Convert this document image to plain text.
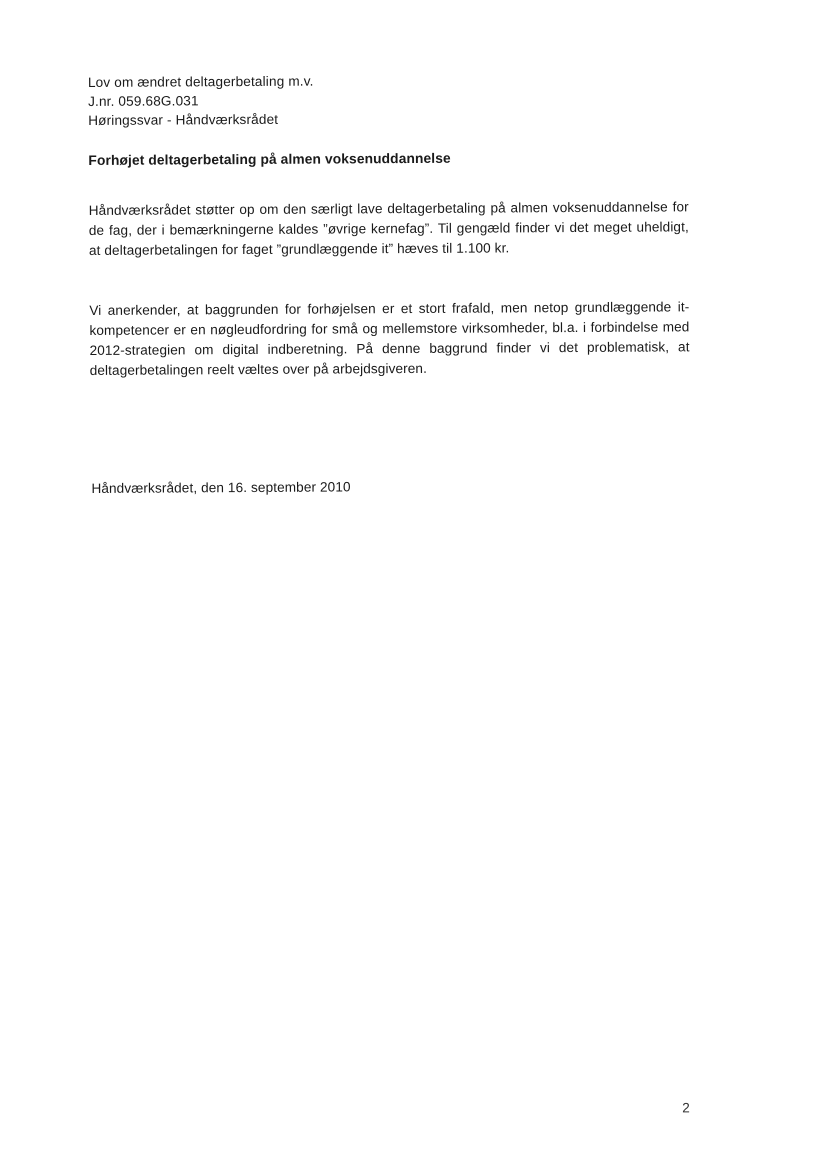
Lov om ændret deltagerbetaling m.v.
J.nr. 059.68G.031
Høringssvar - Håndværksrådet
Forhøjet deltagerbetaling på almen voksenuddannelse
Håndværksrådet støtter op om den særligt lave deltagerbetaling på almen voksenuddannelse for de fag, der i bemærkningerne kaldes ”øvrige kernefag”. Til gengæld finder vi det meget uheldigt, at deltagerbetalingen for faget ”grundlæggende it” hæves til 1.100 kr.
Vi anerkender, at baggrunden for forhøjelsen er et stort frafald, men netop grundlæggende it-kompetencer er en nøgleudfordring for små og mellemstore virksomheder, bl.a. i forbindelse med 2012-strategien om digital indberetning. På denne baggrund finder vi det problematisk, at deltagerbetalingen reelt væltes over på arbejdsgiveren.
Håndværksrådet, den 16. september 2010
2
